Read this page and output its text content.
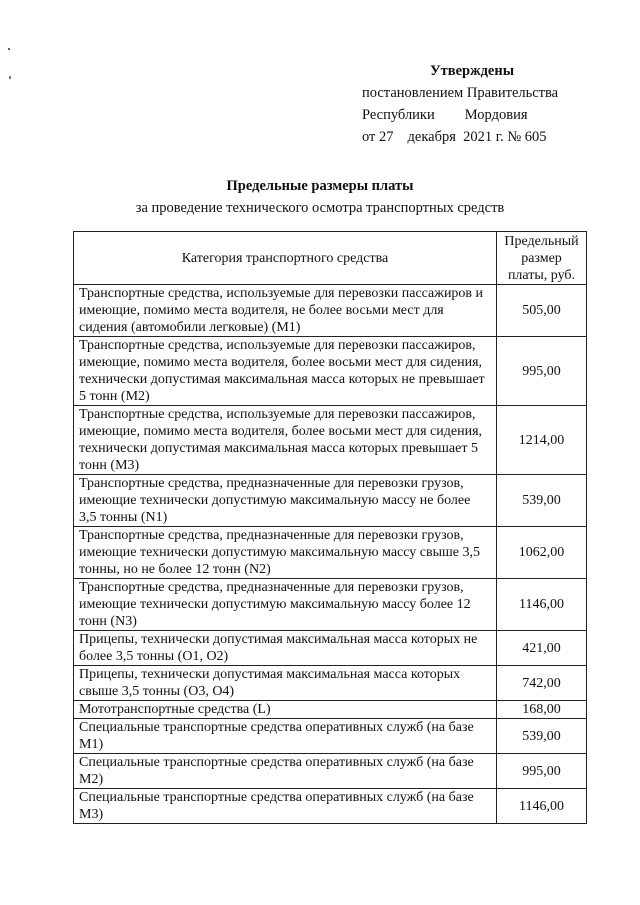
Утверждены
постановлением Правительства
Республики Мордовия
от 27 декабря 2021 г. № 605
Предельные размеры платы
за проведение технического осмотра транспортных средств
Категория транспортного средства	Предельный размер платы, руб.
Транспортные средства, используемые для перевозки пассажиров и имеющие, помимо места водителя, не более восьми мест для сидения (автомобили легковые) (M1)	505,00
Транспортные средства, используемые для перевозки пассажиров, имеющие, помимо места водителя, более восьми мест для сидения, технически допустимая максимальная масса которых не превышает 5 тонн (M2)	995,00
Транспортные средства, используемые для перевозки пассажиров, имеющие, помимо места водителя, более восьми мест для сидения, технически допустимая максимальная масса которых превышает 5 тонн (M3)	1214,00
Транспортные средства, предназначенные для перевозки грузов, имеющие технически допустимую максимальную массу не более 3,5 тонны (N1)	539,00
Транспортные средства, предназначенные для перевозки грузов, имеющие технически допустимую максимальную массу свыше 3,5 тонны, но не более 12 тонн (N2)	1062,00
Транспортные средства, предназначенные для перевозки грузов, имеющие технически допустимую максимальную массу более 12 тонн (N3)	1146,00
Прицепы, технически допустимая максимальная масса которых не более 3,5 тонны (O1, O2)	421,00
Прицепы, технически допустимая максимальная масса которых свыше 3,5 тонны (O3, O4)	742,00
Мототранспортные средства (L)	168,00
Специальные транспортные средства оперативных служб (на базе M1)	539,00
Специальные транспортные средства оперативных служб (на базе M2)	995,00
Специальные транспортные средства оперативных служб (на базе M3)	1146,00
